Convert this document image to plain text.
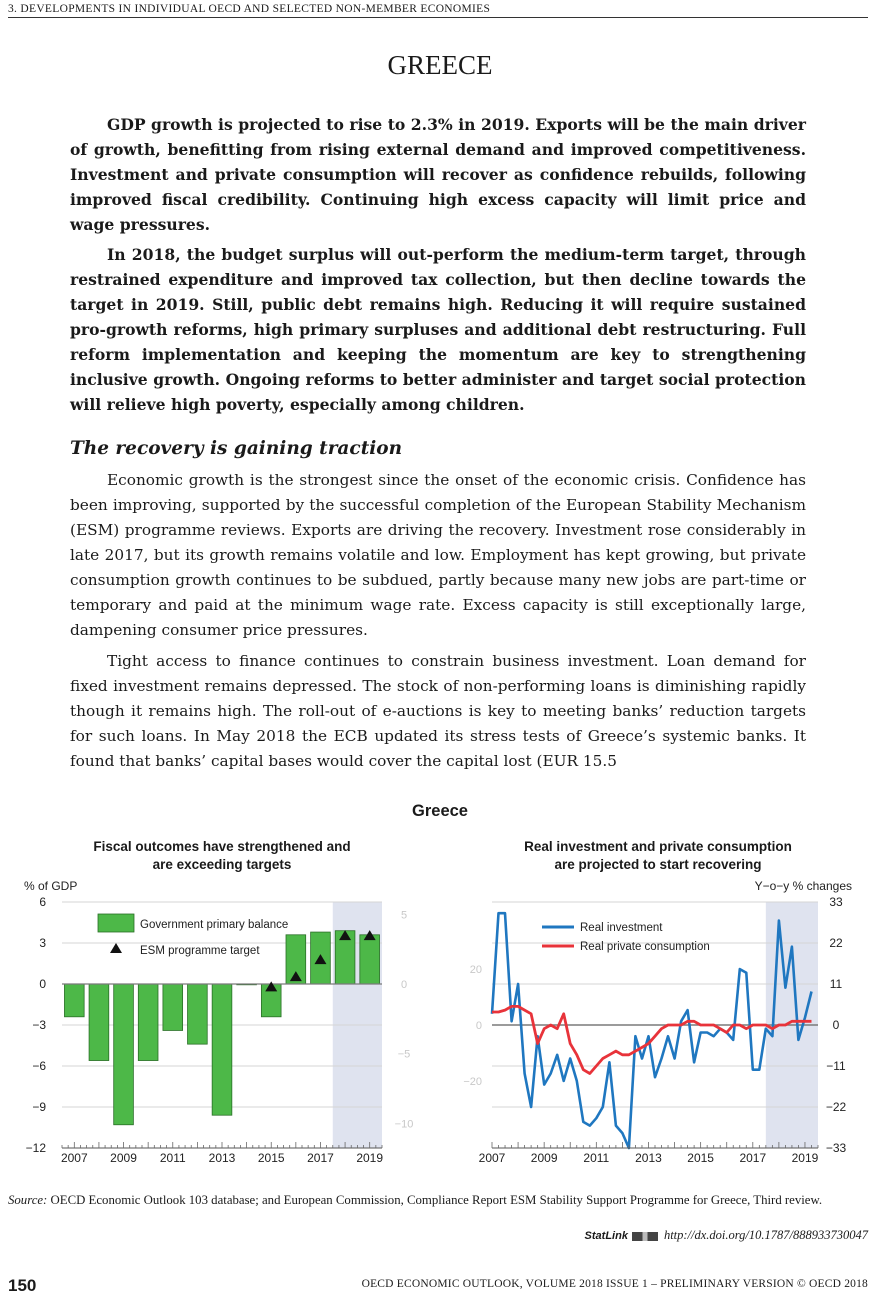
3. DEVELOPMENTS IN INDIVIDUAL OECD AND SELECTED NON-MEMBER ECONOMIES
GREECE

GDP growth is projected to rise to 2.3% in 2019. Exports will be the main driver of growth, benefitting from rising external demand and improved competitiveness. Investment and private consumption will recover as confidence rebuilds, following improved fiscal credibility. Continuing high excess capacity will limit price and wage pressures.

In 2018, the budget surplus will out-perform the medium-term target, through restrained expenditure and improved tax collection, but then decline towards the target in 2019. Still, public debt remains high. Reducing it will require sustained pro-growth reforms, high primary surpluses and additional debt restructuring. Full reform implementation and keeping the momentum are key to strengthening inclusive growth. Ongoing reforms to better administer and target social protection will relieve high poverty, especially among children.

The recovery is gaining traction

Economic growth is the strongest since the onset of the economic crisis. Confidence has been improving, supported by the successful completion of the European Stability Mechanism (ESM) programme reviews. Exports are driving the recovery. Investment rose considerably in late 2017, but its growth remains volatile and low. Employment has kept growing, but private consumption growth continues to be subdued, partly because many new jobs are part-time or temporary and paid at the minimum wage rate. Excess capacity is still exceptionally large, dampening consumer price pressures.

Tight access to finance continues to constrain business investment. Loan demand for fixed investment remains depressed. The stock of non-performing loans is diminishing rapidly though it remains high. The roll-out of e-auctions is key to meeting banks’ reduction targets for such loans. In May 2018 the ECB updated its stress tests of Greece’s systemic banks. It found that banks’ capital bases would cover the capital lost (EUR 15.5

Greece
Fiscal outcomes have strengthened and
are exceeding targets
Real investment and private consumption
are projected to start recovering
% of GDP
5
0
−5
−10
6
3
0
−3
−6
−9
−12
2007 2009 2011 2013 2015 2017 2019
Government primary balance
ESM programme target
Y−o−y % changes
20
0
−20
33
22
11
0
−11
−22
−33
2007 2009 2011 2013 2015 2017 2019
Real investment
Real private consumption
Source: OECD Economic Outlook 103 database; and European Commission, Compliance Report ESM Stability Support Programme for Greece, Third review.
StatLink	http://dx.doi.org/10.1787/888933730047
150	OECD ECONOMIC OUTLOOK, VOLUME 2018 ISSUE 1 – PRELIMINARY VERSION © OECD 2018
